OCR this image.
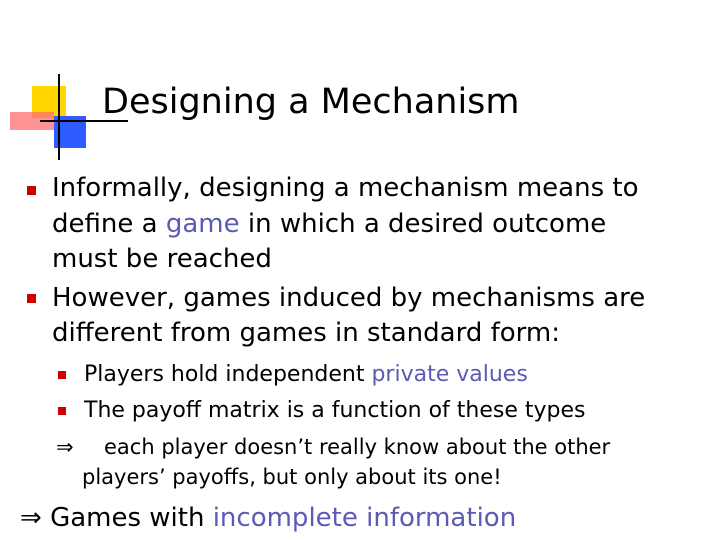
Designing a Mechanism
Informally, designing a mechanism means to
define a game in which a desired outcome
must be reached
However, games induced by mechanisms are
different from games in standard form:
Players hold independent private values
The payoff matrix is a function of these types
⇒ each player doesn’t really know about the other
players’ payoffs, but only about its one!
⇒ Games with incomplete information
